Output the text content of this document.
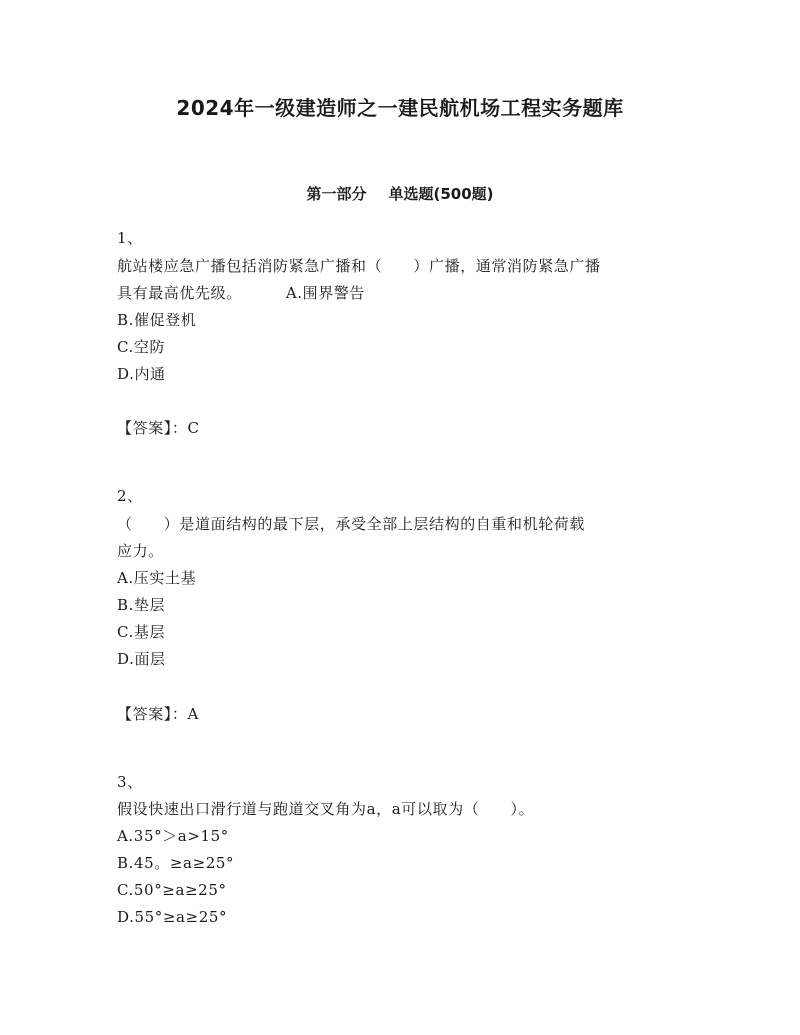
2024年一级建造师之一建民航机场工程实务题库
第一部分 单选题(500题)
1、
航站楼应急广播包括消防紧急广播和（　　）广播，通常消防紧急广播
具有最高优先级。	A.围界警告
B.催促登机
C.空防
D.内通
【答案】：C
2、
（　　）是道面结构的最下层，承受全部上层结构的自重和机轮荷载
应力。
A.压实土基
B.垫层
C.基层
D.面层
【答案】：A
3、
假设快速出口滑行道与跑道交叉角为a，a可以取为（　　）。
A.35°＞a>15°
B.45。≥a≥25°
C.50°≥a≥25°
D.55°≥a≥25°
